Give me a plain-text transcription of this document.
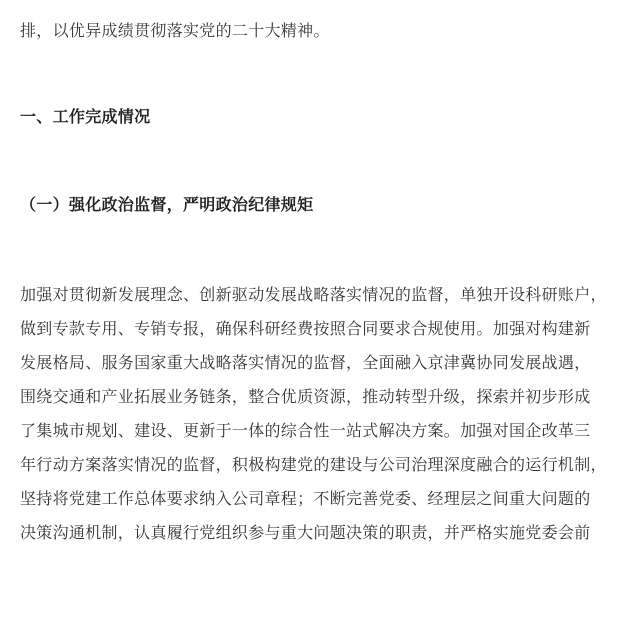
排，以优异成绩贯彻落实党的二十大精神。
一、工作完成情况
（一）强化政治监督，严明政治纪律规矩
加强对贯彻新发展理念、创新驱动发展战略落实情况的监督，单独开设科研账户，
做到专款专用、专销专报，确保科研经费按照合同要求合规使用。加强对构建新
发展格局、服务国家重大战略落实情况的监督，全面融入京津冀协同发展战遇，
围绕交通和产业拓展业务链条，整合优质资源，推动转型升级，探索并初步形成
了集城市规划、建设、更新于一体的综合性一站式解决方案。加强对国企改革三
年行动方案落实情况的监督，积极构建党的建设与公司治理深度融合的运行机制，
坚持将党建工作总体要求纳入公司章程；不断完善党委、经理层之间重大问题的
决策沟通机制，认真履行党组织参与重大问题决策的职责，并严格实施党委会前
